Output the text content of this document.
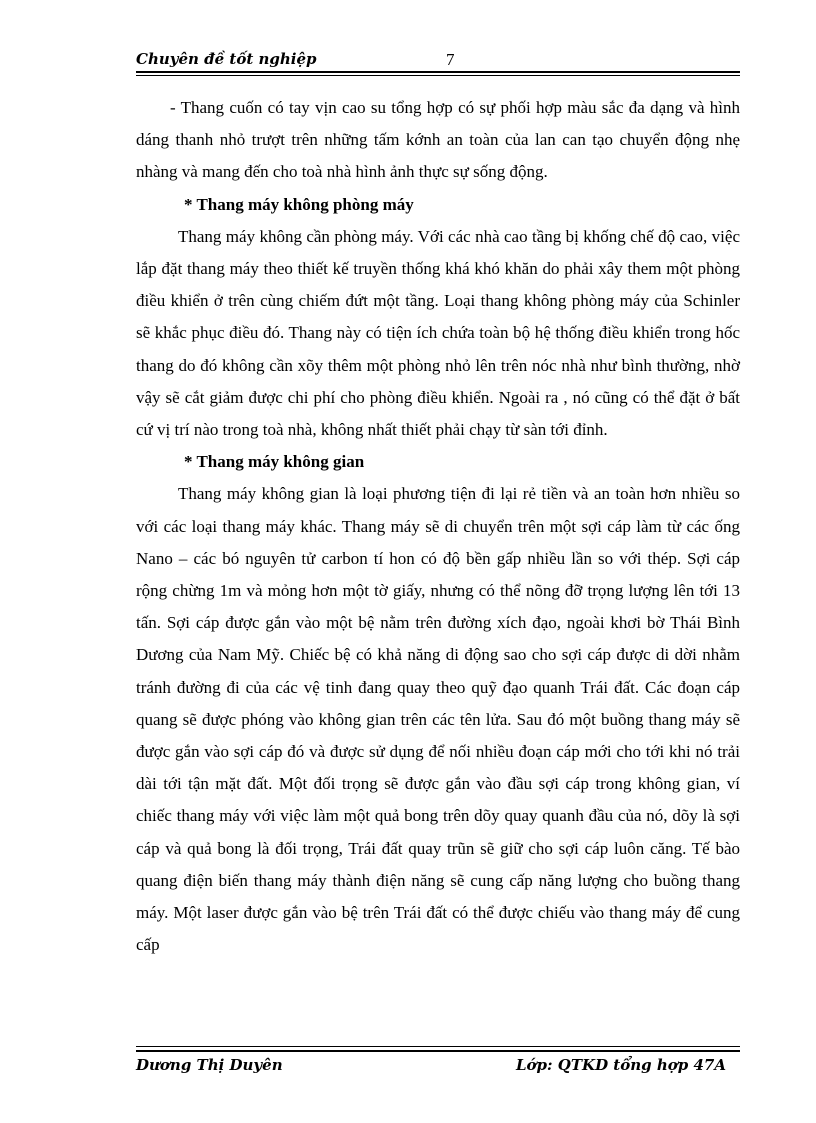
Chuyên đề tốt nghiệp	7

- Thang cuốn có tay vịn cao su tổng hợp có sự phối hợp màu sắc đa dạng và hình dáng thanh nhỏ trượt trên những tấm kớnh an toàn của lan can tạo chuyển động nhẹ nhàng và mang đến cho toà nhà hình ảnh thực sự sống động.

* Thang máy không phòng máy

Thang máy không cần phòng máy. Với các nhà cao tầng bị khống chế độ cao, việc lắp đặt thang máy theo thiết kế truyền thống khá khó khăn do phải xây them một phòng điều khiển ở trên cùng chiếm đứt một tầng. Loại thang không phòng máy của Schinler sẽ khắc phục điều đó. Thang này có tiện ích chứa toàn bộ hệ thống điều khiển trong hốc thang do đó không cần xõy thêm một phòng nhỏ lên trên nóc nhà như bình thường, nhờ vậy sẽ cắt giảm được chi phí cho phòng điều khiển. Ngoài ra , nó cũng có thể đặt ở bất cứ vị trí nào trong toà nhà, không nhất thiết phải chạy từ sàn tới đỉnh.

* Thang máy không gian

Thang máy không gian là loại phương tiện đi lại rẻ tiền và an toàn hơn nhiều so với các loại thang máy khác. Thang máy sẽ di chuyển trên một sợi cáp làm từ các ống Nano – các bó nguyên tử carbon tí hon có độ bền gấp nhiều lần so với thép. Sợi cáp rộng chừng 1m và mỏng hơn một tờ giấy, nhưng có thể nõng đỡ trọng lượng lên tới 13 tấn. Sợi cáp được gắn vào một bệ nằm trên đường xích đạo, ngoài khơi bờ Thái Bình Dương của Nam Mỹ. Chiếc bệ có khả năng di động sao cho sợi cáp được di dời nhằm tránh đường đi của các vệ tinh đang quay theo quỹ đạo quanh Trái đất. Các đoạn cáp quang sẽ được phóng vào không gian trên các tên lửa. Sau đó một buồng thang máy sẽ được gắn vào sợi cáp đó và được sử dụng để nối nhiều đoạn cáp mới cho tới khi nó trải dài tới tận mặt đất. Một đối trọng sẽ được gắn vào đầu sợi cáp trong không gian, ví chiếc thang máy với việc làm một quả bong trên dõy quay quanh đầu của nó, dõy là sợi cáp và quả bong là đối trọng, Trái đất quay trũn sẽ giữ cho sợi cáp luôn căng. Tế bào quang điện biến thang máy thành điện năng sẽ cung cấp năng lượng cho buồng thang máy. Một laser được gắn vào bệ trên Trái đất có thể được chiếu vào thang máy để cung cấp

Dương Thị Duyên	Lớp: QTKD tổng hợp 47A
